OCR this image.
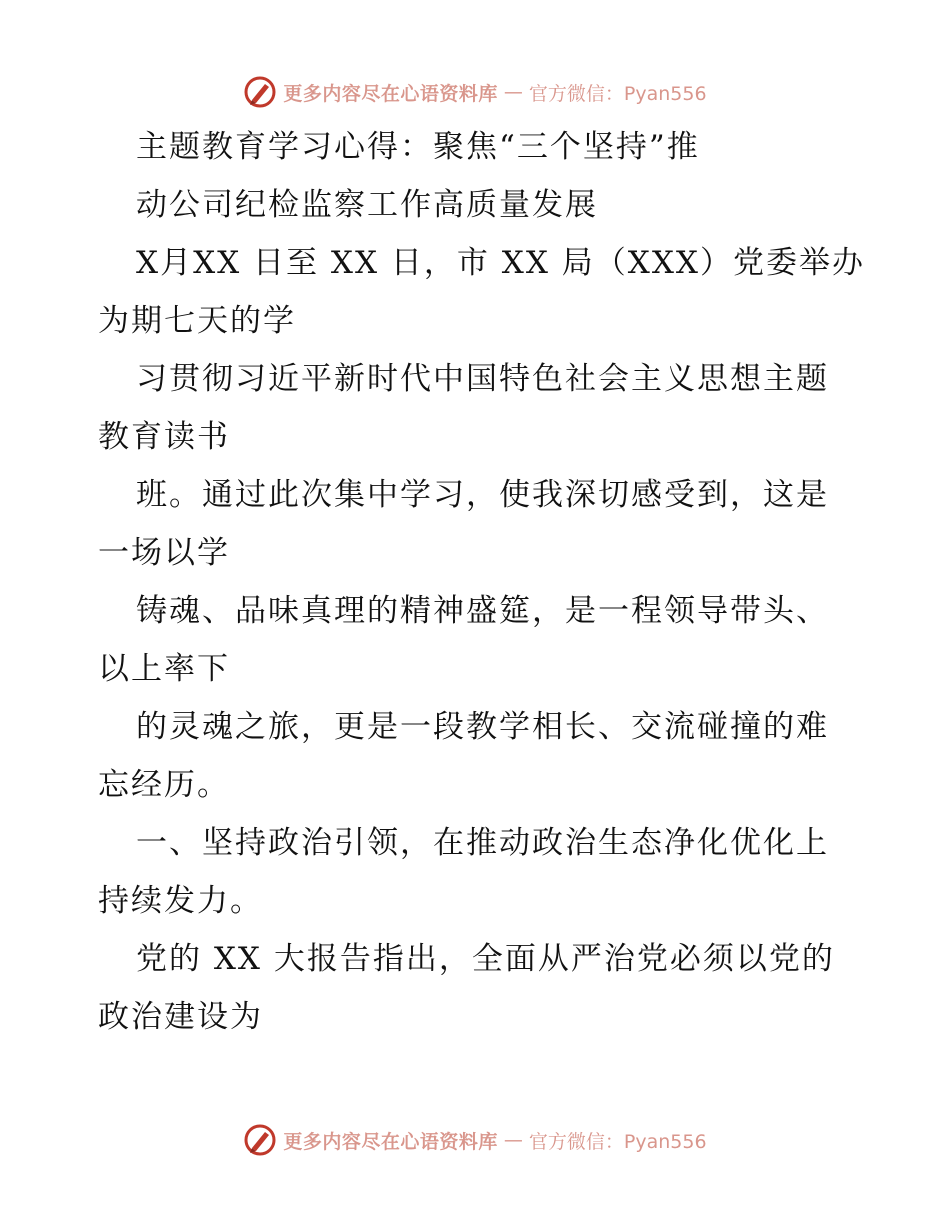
更多内容尽在心语资料库 — 官方微信：Pyan556
主题教育学习心得：聚焦“三个坚持”推
动公司纪检监察工作高质量发展
X月XX 日至 XX 日，市 XX 局（XXX）党委举办
为期七天的学
习贯彻习近平新时代中国特色社会主义思想主题
教育读书
班。通过此次集中学习，使我深切感受到，这是
一场以学
铸魂、品味真理的精神盛筵，是一程领导带头、
以上率下
的灵魂之旅，更是一段教学相长、交流碰撞的难
忘经历。
一、坚持政治引领，在推动政治生态净化优化上
持续发力。
党的 XX 大报告指出，全面从严治党必须以党的
政治建设为
更多内容尽在心语资料库 — 官方微信：Pyan556
